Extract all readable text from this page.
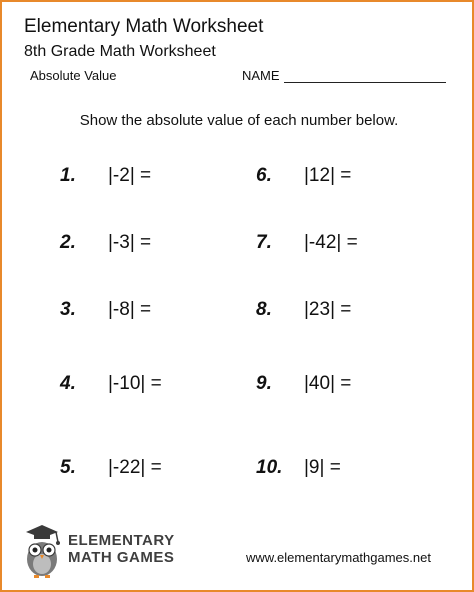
Elementary Math Worksheet
8th Grade Math Worksheet
Absolute Value	NAME
Show the absolute value of each number below.
1. |-2| =
2. |-3| =
3. |-8| =
4. |-10| =
5. |-22| =
6. |12| =
7. |-42| =
8. |23| =
9. |40| =
10. |9| =
ELEMENTARY
MATH GAMES	www.elementarymathgames.net
